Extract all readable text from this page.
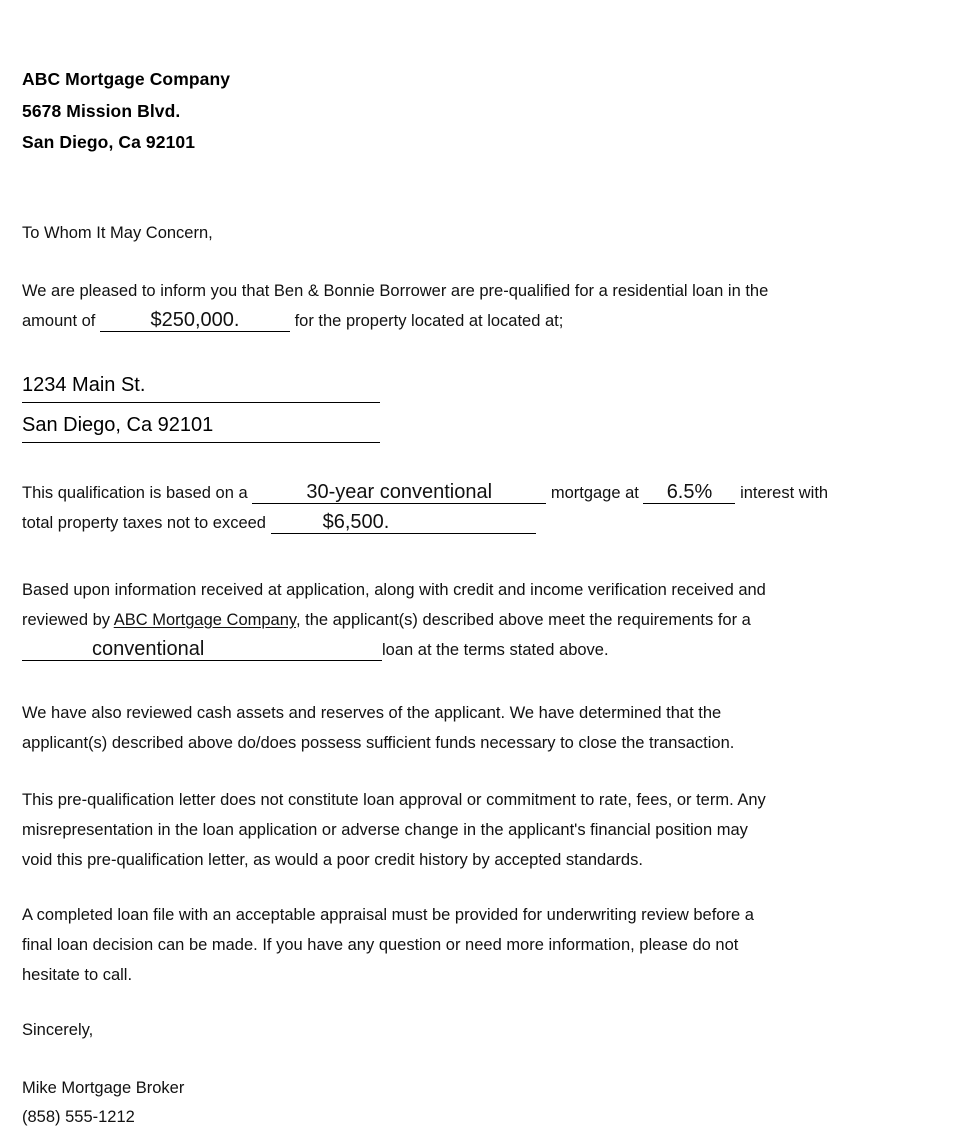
ABC Mortgage Company
5678 Mission Blvd.
San Diego, Ca 92101
To Whom It May Concern,
We are pleased to inform you that Ben & Bonnie Borrower are pre-qualified for a residential loan in the
amount of	$250,000.	for the property located at located at;
1234 Main St.
San Diego, Ca 92101
This qualification is based on a	30-year conventional	mortgage at 6.5% interest with
total property taxes not to exceed	$6,500.
Based upon information received at application, along with credit and income verification received and
reviewed by ABC Mortgage Company, the applicant(s) described above meet the requirements for a
conventional	loan at the terms stated above.
We have also reviewed cash assets and reserves of the applicant. We have determined that the
applicant(s) described above do/does possess sufficient funds necessary to close the transaction.
This pre-qualification letter does not constitute loan approval or commitment to rate, fees, or term. Any
misrepresentation in the loan application or adverse change in the applicant's financial position may
void this pre-qualification letter, as would a poor credit history by accepted standards.
A completed loan file with an acceptable appraisal must be provided for underwriting review before a
final loan decision can be made. If you have any question or need more information, please do not
hesitate to call.
Sincerely,
Mike Mortgage Broker
(858) 555-1212
